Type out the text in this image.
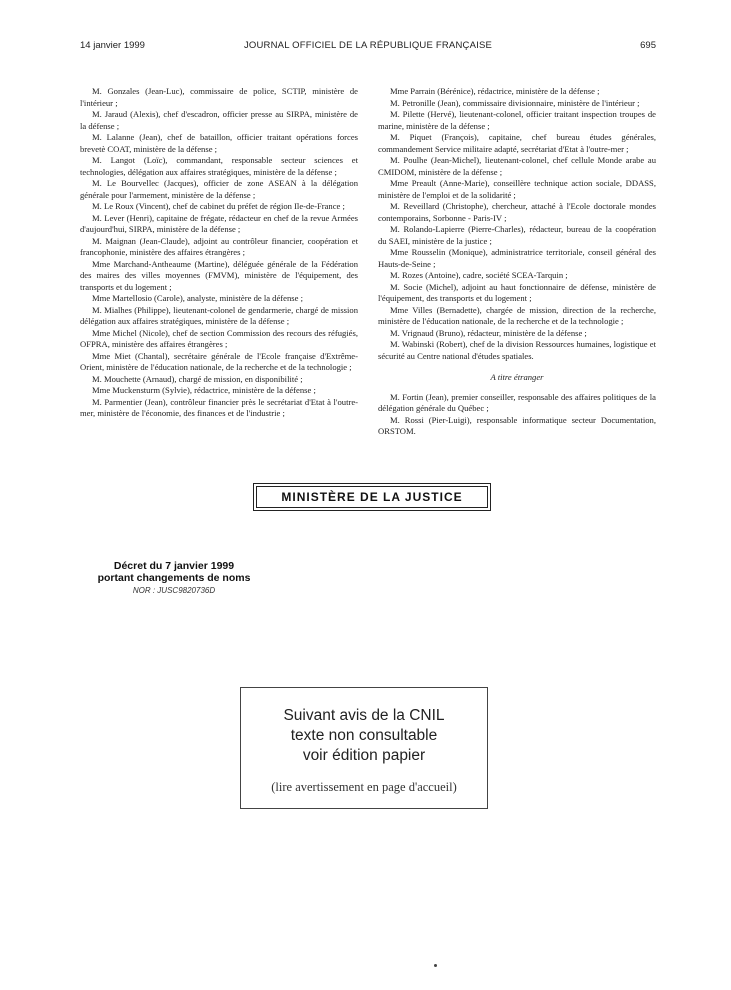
14 janvier 1999	JOURNAL OFFICIEL DE LA RÉPUBLIQUE FRANÇAISE	695

M. Gonzales (Jean-Luc), commissaire de police, SCTIP, ministère de l'intérieur ;

M. Jaraud (Alexis), chef d'escadron, officier presse au SIRPA, ministère de la défense ;

M. Lalanne (Jean), chef de bataillon, officier traitant opérations forces brevetè COAT, ministère de la défense ;

M. Langot (Loïc), commandant, responsable secteur sciences et technologies, délégation aux affaires stratégiques, ministère de la défense ;

M. Le Bourvellec (Jacques), officier de zone ASEAN à la délégation générale pour l'armement, ministère de la défense ;

M. Le Roux (Vincent), chef de cabinet du préfet de région Ile-de-France ;

M. Lever (Henri), capitaine de frégate, rédacteur en chef de la revue Armées d'aujourd'hui, SIRPA, ministère de la défense ;

M. Maignan (Jean-Claude), adjoint au contrôleur financier, coopération et francophonie, ministère des affaires étrangères ;

Mme Marchand-Antheaume (Martine), déléguée générale de la Fédération des maires des villes moyennes (FMVM), ministère de l'équipement, des transports et du logement ;

Mme Martellosio (Carole), analyste, ministère de la défense ;

M. Mialhes (Philippe), lieutenant-colonel de gendarmerie, chargé de mission délégation aux affaires stratégiques, ministère de la défense ;

Mme Michel (Nicole), chef de section Commission des recours des réfugiés, OFPRA, ministère des affaires étrangères ;

Mme Miet (Chantal), secrétaire générale de l'Ecole française d'Extrême-Orient, ministère de l'éducation nationale, de la recherche et de la technologie ;

M. Mouchette (Arnaud), chargé de mission, en disponibilité ;

Mme Muckensturm (Sylvie), rédactrice, ministère de la défense ;

M. Parmentier (Jean), contrôleur financier près le secrétariat d'Etat à l'outre-mer, ministère de l'économie, des finances et de l'industrie ;

Mme Parrain (Bérénice), rédactrice, ministère de la défense ;

M. Petronille (Jean), commissaire divisionnaire, ministère de l'intérieur ;

M. Pilette (Hervé), lieutenant-colonel, officier traitant inspection troupes de marine, ministère de la défense ;

M. Piquet (François), capitaine, chef bureau études générales, commandement Service militaire adapté, secrétariat d'Etat à l'outre-mer ;

M. Poulhe (Jean-Michel), lieutenant-colonel, chef cellule Monde arabe au CMIDOM, ministère de la défense ;

Mme Preault (Anne-Marie), conseillère technique action sociale, DDASS, ministère de l'emploi et de la solidarité ;

M. Reveillard (Christophe), chercheur, attaché à l'Ecole doctorale mondes contemporains, Sorbonne - Paris-IV ;

M. Rolando-Lapierre (Pierre-Charles), rédacteur, bureau de la coopération du SAEI, ministère de la justice ;

Mme Rousselin (Monique), administratrice territoriale, conseil général des Hauts-de-Seine ;

M. Rozes (Antoine), cadre, société SCEA-Tarquin ;

M. Socie (Michel), adjoint au haut fonctionnaire de défense, ministère de l'équipement, des transports et du logement ;

Mme Villes (Bernadette), chargée de mission, direction de la recherche, ministère de l'éducation nationale, de la recherche et de la technologie ;

M. Vrignaud (Bruno), rédacteur, ministère de la défense ;

M. Wabinski (Robert), chef de la division Ressources humaines, logistique et sécurité au Centre national d'études spatiales.

A titre étranger

M. Fortin (Jean), premier conseiller, responsable des affaires politiques de la délégation générale du Québec ;

M. Rossi (Pier-Luigi), responsable informatique secteur Documentation, ORSTOM.

MINISTÈRE DE LA JUSTICE
Décret du 7 janvier 1999
portant changements de noms
NOR : JUSC9820736D
Suivant avis de la CNIL
texte non consultable
voir édition papier
(lire avertissement en page d'accueil)
